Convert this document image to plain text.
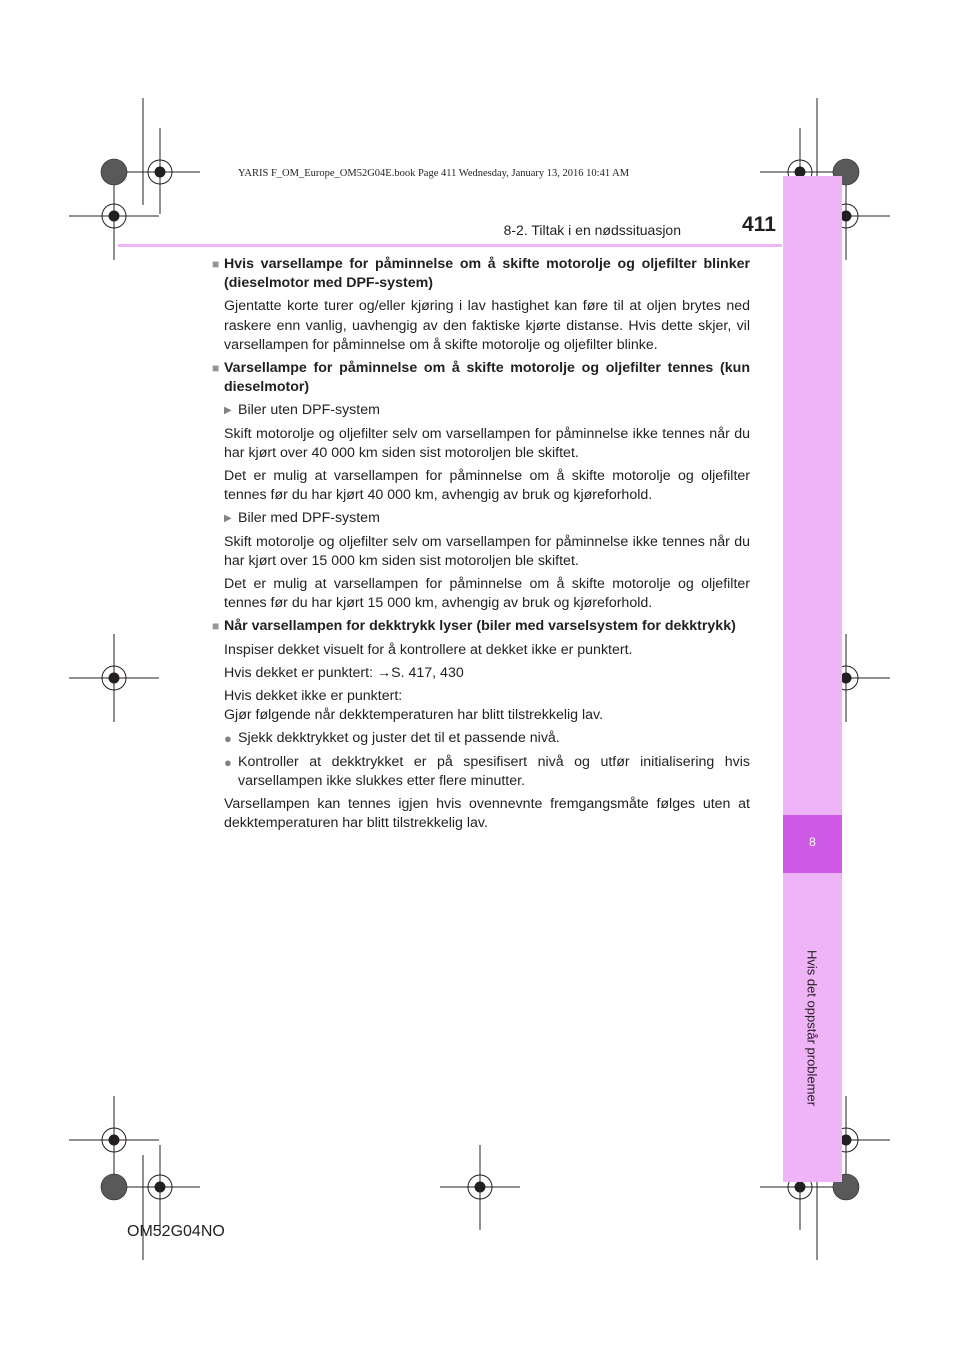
8
Hvis det oppstår problemer
YARIS F_OM_Europe_OM52G04E.book Page 411 Wednesday, January 13, 2016 10:41 AM
8-2. Tiltak i en nødssituasjon	411
■ Hvis varsellampe for påminnelse om å skifte motorolje og oljefilter blinker (dieselmotor med DPF-system)

Gjentatte korte turer og/eller kjøring i lav hastighet kan føre til at oljen brytes ned raskere enn vanlig, uavhengig av den faktiske kjørte distanse. Hvis dette skjer, vil varsellampen for påminnelse om å skifte motorolje og oljefilter blinke.

■ Varsellampe for påminnelse om å skifte motorolje og oljefilter tennes (kun dieselmotor)
▶ Biler uten DPF-system

Skift motorolje og oljefilter selv om varsellampen for påminnelse ikke tennes når du har kjørt over 40 000 km siden sist motoroljen ble skiftet.

Det er mulig at varsellampen for påminnelse om å skifte motorolje og oljefilter tennes før du har kjørt 40 000 km, avhengig av bruk og kjøreforhold.

▶ Biler med DPF-system

Skift motorolje og oljefilter selv om varsellampen for påminnelse ikke tennes når du har kjørt over 15 000 km siden sist motoroljen ble skiftet.

Det er mulig at varsellampen for påminnelse om å skifte motorolje og oljefilter tennes før du har kjørt 15 000 km, avhengig av bruk og kjøreforhold.

■ Når varsellampen for dekktrykk lyser (biler med varselsystem for dekktrykk)

Inspiser dekket visuelt for å kontrollere at dekket ikke er punktert.

Hvis dekket er punktert: →S. 417, 430

Hvis dekket ikke er punktert:
Gjør følgende når dekktemperaturen har blitt tilstrekkelig lav.

● Sjekk dekktrykket og juster det til et passende nivå.
● Kontroller at dekktrykket er på spesifisert nivå og utfør initialisering hvis varsellampen ikke slukkes etter flere minutter.

Varsellampen kan tennes igjen hvis ovennevnte fremgangsmåte følges uten at dekktemperaturen har blitt tilstrekkelig lav.

OM52G04NO
